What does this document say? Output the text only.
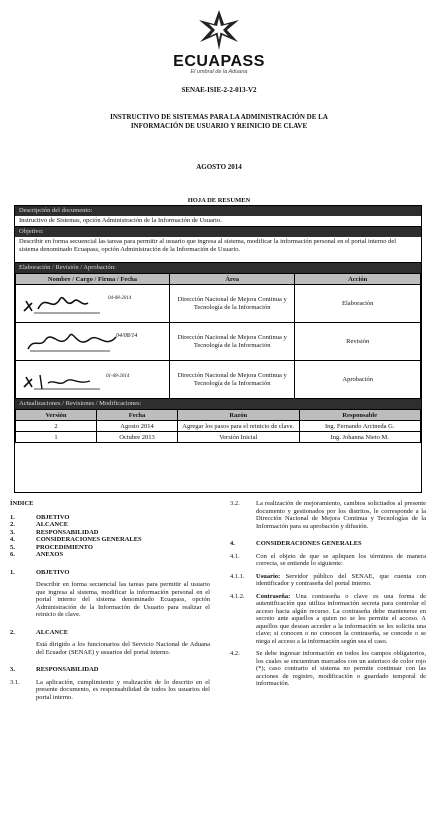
ECUAPASS
El umbral de la Aduana
SENAE-ISIE-2-2-013-V2
INSTRUCTIVO DE SISTEMAS PARA LA ADMINISTRACIÓN DE LA INFORMACIÓN DE USUARIO Y REINICIO DE CLAVE
AGOSTO 2014
HOJA DE RESUMEN
Descripción del documento:
Instructivo de Sistemas, opción Administración de la Información de Usuario.
Objetivo:
Describir en forma secuencial las tareas para permitir al usuario que ingresa al sistema, modificar la información personal en el portal interno del sistema denominado Ecuapass, opción Administración de la Información de Usuario.
Elaboración / Revisión / Aprobación:
Nombre / Cargo / Firma / Fecha	Área	Acción

04-08-2014	Dirección Nacional de Mejora Continua y Tecnología de la Información	Elaboración

04/08/14	Dirección Nacional de Mejora Continua y Tecnología de la Información	Revisión

01-08-2014	Dirección Nacional de Mejora Continua y Tecnología de la Información	Aprobación
Actualizaciones / Revisiones / Modificaciones:
Versión	Fecha	Razón	Responsable
2	Agosto 2014	Agregar los pasos para el reinicio de clave.	Ing. Fernando Arcineda G.
1	Octubre 2013	Versión Inicial	Ing. Johanna Nieto M.
ÍNDICE
1.	OBJETIVO
2.	ALCANCE
3.	RESPONSABILIDAD
4.	CONSIDERACIONES GENERALES
5.	PROCEDIMIENTO
6.	ANEXOS
1.	OBJETIVO
Describir en forma secuencial las tareas para permitir al usuario que ingresa al sistema, modificar la información personal en el portal interno del sistema denominado Ecuapass, opción Administración de la Información de Usuario para realizar el reinicio de clave.
2.	ALCANCE
Está dirigido a los funcionarios del Servicio Nacional de Aduana del Ecuador (SENAE) y usuarios del portal interno.
3.	RESPONSABILIDAD
3.1.	La aplicación, cumplimiento y realización de lo descrito en el presente documento, es responsabilidad de todos los usuarios del portal interno.
3.2.	La realización de mejoramiento, cambios solicitados al presente documento y gestionados por los distritos, le corresponde a la Dirección Nacional de Mejora Continua y Tecnologías de la Información para su aprobación y difusión.
4.	CONSIDERACIONES GENERALES
4.1.	Con el objeto de que se apliquen los términos de manera correcta, se entiende lo siguiente:
4.1.1.	Usuario: Servidor público del SENAE, que cuenta con identificador y contraseña del portal interno.
4.1.2.	Contraseña: Una contraseña o clave es una forma de autentificación que utiliza información secreta para controlar el acceso hacia algún recurso. La contraseña debe mantenerse en secreto ante aquellos a quien no se les permite el acceso. A aquellos que desean acceder a la información se les solicita una clave; si conocen o no conocen la contraseña, se concede o se niega el acceso a la información según sea el caso.
4.2.	Se debe ingresar información en todos los campos obligatorios, los cuales se encuentran marcados con un asterisco de color rojo (*); caso contrario el sistema no permite continuar con las acciones de registro, modificación o guardado temporal de información.
